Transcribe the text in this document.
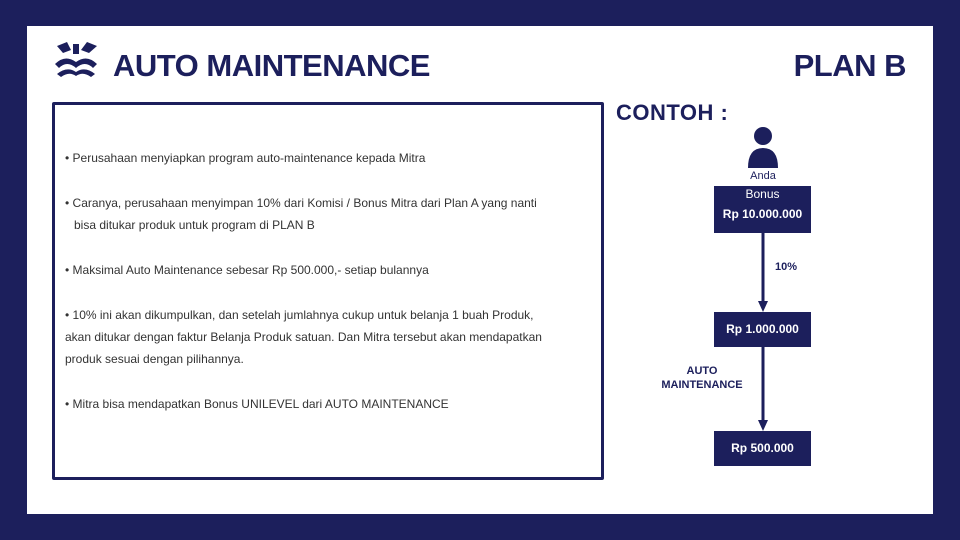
AUTO MAINTENANCE	PLAN B
• Perusahaan menyiapkan program auto-maintenance kepada Mitra
• Caranya, perusahaan menyimpan 10% dari Komisi / Bonus Mitra dari Plan A yang nanti
bisa ditukar produk untuk program di PLAN B
• Maksimal Auto Maintenance sebesar Rp 500.000,- setiap bulannya
• 10% ini akan dikumpulkan, dan setelah jumlahnya cukup untuk belanja 1 buah Produk,
akan ditukar dengan faktur Belanja Produk satuan. Dan Mitra tersebut akan mendapatkan
produk sesuai dengan pilihannya.
• Mitra bisa mendapatkan Bonus UNILEVEL dari AUTO MAINTENANCE
CONTOH :
Anda
Bonus
Rp 10.000.000
10%
Rp 1.000.000
AUTO
MAINTENANCE
Rp 500.000
